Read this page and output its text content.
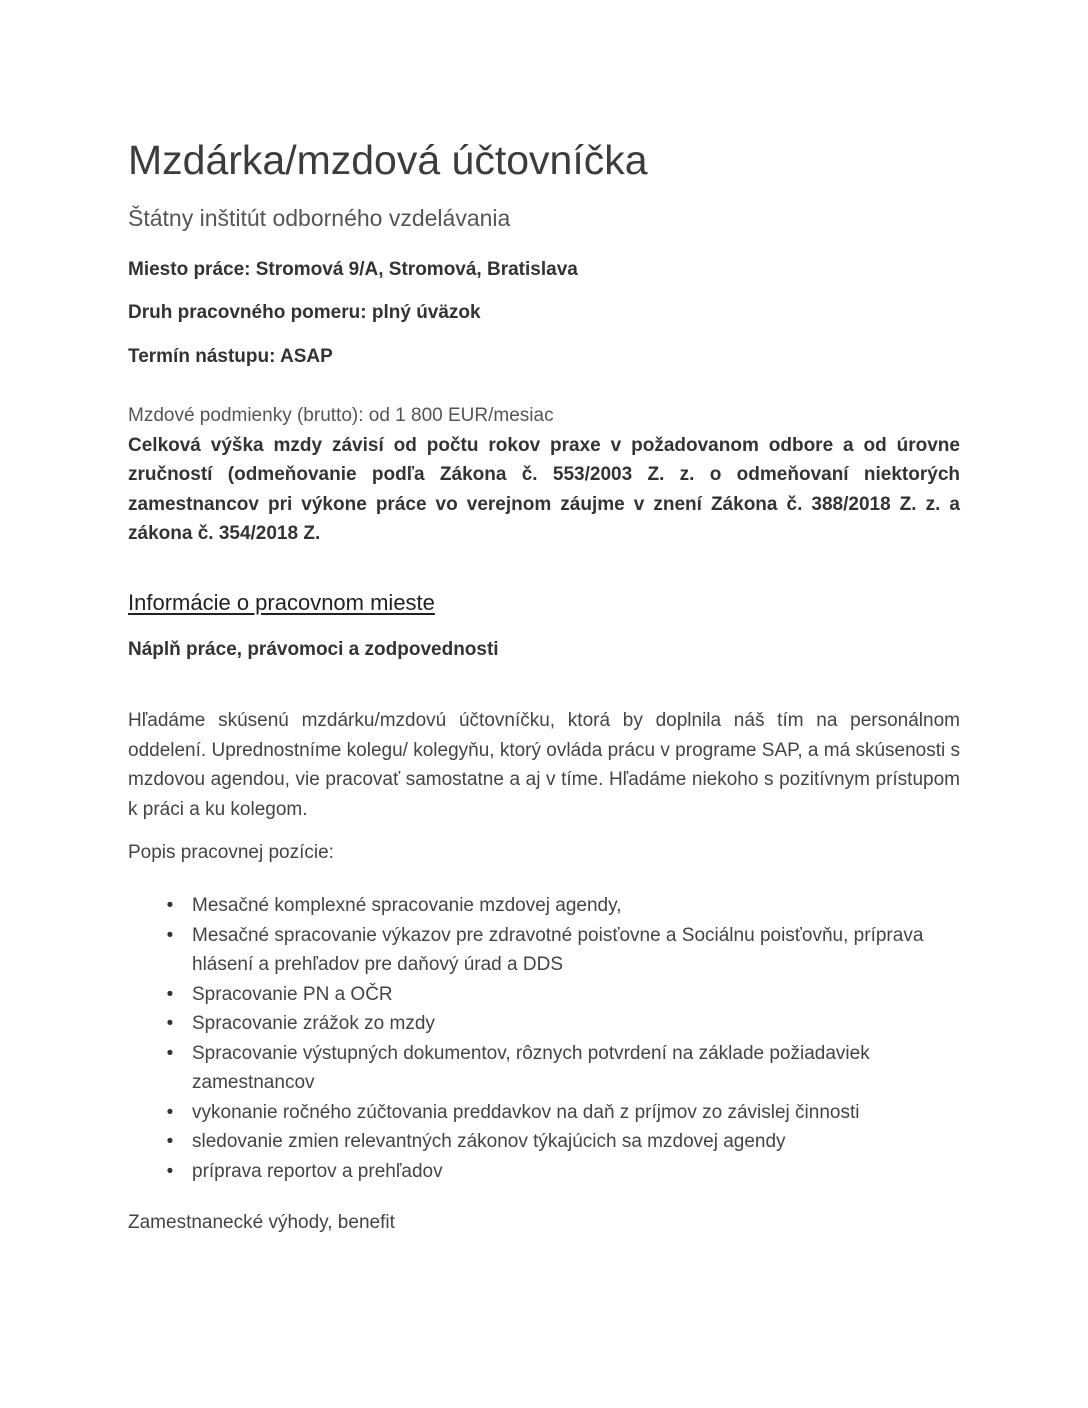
Mzdárka/mzdová účtovníčka
Štátny inštitút odborného vzdelávania

Miesto práce: Stromová 9/A, Stromová, Bratislava

Druh pracovného pomeru: plný úväzok

Termín nástupu: ASAP

Mzdové podmienky (brutto): od 1 800 EUR/mesiac

Celková výška mzdy závisí od počtu rokov praxe v požadovanom odbore a od úrovne zručností (odmeňovanie podľa Zákona č. 553/2003 Z. z. o odmeňovaní niektorých zamestnancov pri výkone práce vo verejnom záujme v znení Zákona č. 388/2018 Z. z. a zákona č. 354/2018 Z.

Informácie o pracovnom mieste

Náplň práce, právomoci a zodpovednosti

Hľadáme skúsenú mzdárku/mzdovú účtovníčku, ktorá by doplnila náš tím na personálnom oddelení. Uprednostníme kolegu/ kolegyňu, ktorý ovláda prácu v programe SAP, a má skúsenosti s mzdovou agendou, vie pracovať samostatne a aj v tíme. Hľadáme niekoho s pozitívnym prístupom k práci a ku kolegom.

Popis pracovnej pozície:

• Mesačné komplexné spracovanie mzdovej agendy,
• Mesačné spracovanie výkazov pre zdravotné poisťovne a Sociálnu poisťovňu, príprava hlásení a prehľadov pre daňový úrad a DDS
• Spracovanie PN a OČR
• Spracovanie zrážok zo mzdy
• Spracovanie výstupných dokumentov, rôznych potvrdení na základe požiadaviek zamestnancov
• vykonanie ročného zúčtovania preddavkov na daň z príjmov zo závislej činnosti
• sledovanie zmien relevantných zákonov týkajúcich sa mzdovej agendy
• príprava reportov a prehľadov

Zamestnanecké výhody, benefit
